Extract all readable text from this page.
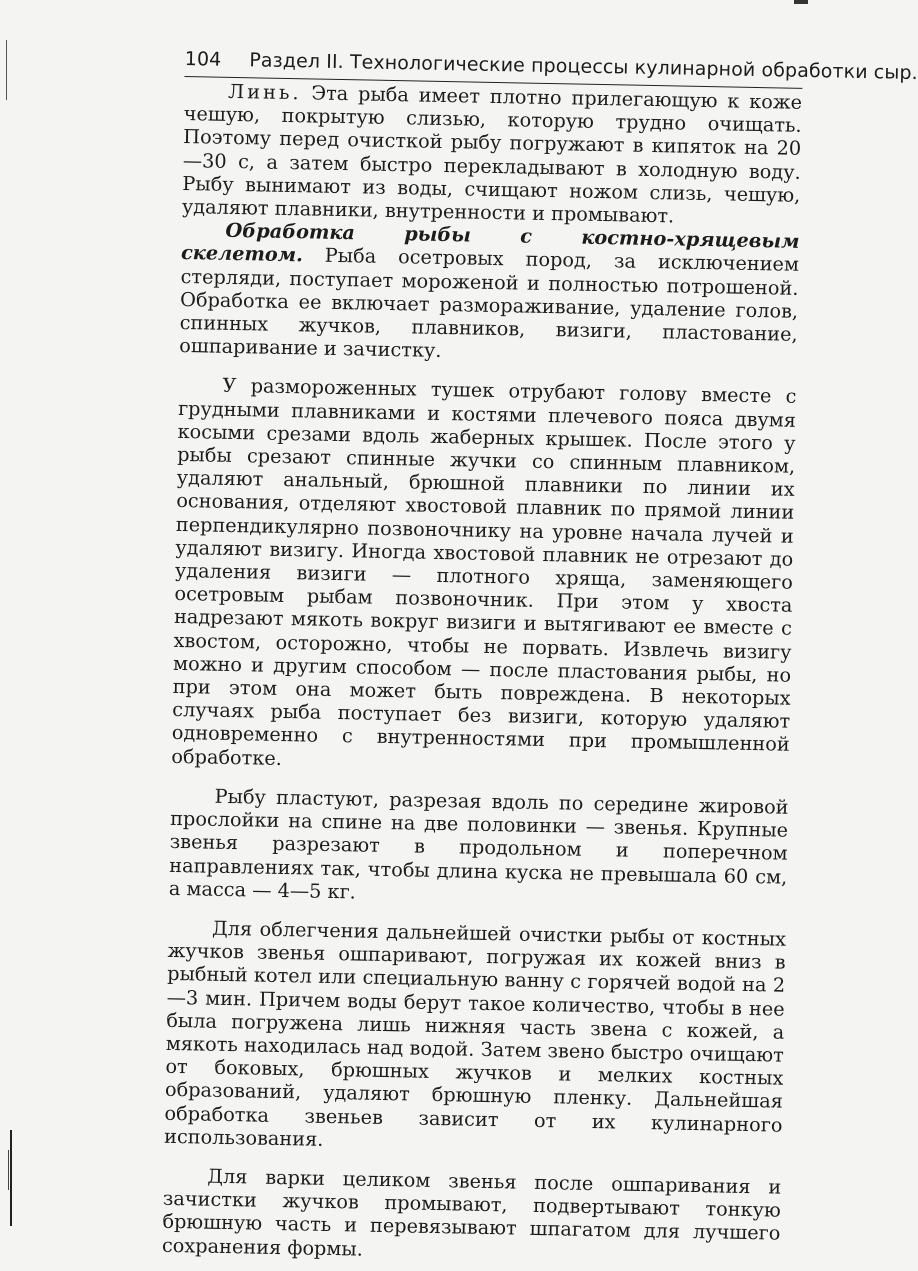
104 Раздел II. Технологические процессы кулинарной обработки сыр.

Линь. Эта рыба имеет плотно прилегающую к коже чешую, покрытую слизью, которую трудно очищать. Поэтому перед очисткой рыбу погружают в кипяток на 20—30 с, а затем быстро перекладывают в холодную воду. Рыбу вынимают из воды, счищают ножом слизь, чешую, удаляют плавники, внутренности и промывают.

Обработка рыбы с костно-хрящевым скелетом. Рыба осетровых пород, за исключением стерляди, поступает мороженой и полностью потрошеной. Обработка ее включает размораживание, удаление голов, спинных жучков, плавников, визиги, пластование, ошпаривание и зачистку.

У размороженных тушек отрубают голову вместе с грудными плавниками и костями плечевого пояса двумя косыми срезами вдоль жаберных крышек. После этого у рыбы срезают спинные жучки со спинным плавником, удаляют анальный, брюшной плавники по линии их основания, отделяют хвостовой плавник по прямой линии перпендикулярно позвоночнику на уровне начала лучей и удаляют визигу. Иногда хвостовой плавник не отрезают до удаления визиги — плотного хряща, заменяющего осетровым рыбам позвоночник. При этом у хвоста надрезают мякоть вокруг визиги и вытягивают ее вместе с хвостом, осторожно, чтобы не порвать. Извлечь визигу можно и другим способом — после пластования рыбы, но при этом она может быть повреждена. В некоторых случаях рыба поступает без визиги, которую удаляют одновременно с внутренностями при промышленной обработке.

Рыбу пластуют, разрезая вдоль по середине жировой прослойки на спине на две половинки — звенья. Крупные звенья разрезают в продольном и поперечном направлениях так, чтобы длина куска не превышала 60 см, а масса — 4—5 кг.

Для облегчения дальнейшей очистки рыбы от костных жучков звенья ошпаривают, погружая их кожей вниз в рыбный котел или специальную ванну с горячей водой на 2—3 мин. Причем воды берут такое количество, чтобы в нее была погружена лишь нижняя часть звена с кожей, а мякоть находилась над водой. Затем звено быстро очищают от боковых, брюшных жучков и мелких костных образований, удаляют брюшную пленку. Дальнейшая обработка звеньев зависит от их кулинарного использования.

Для варки целиком звенья после ошпаривания и зачистки жучков промывают, подвертывают тонкую брюшную часть и перевязывают шпагатом для лучшего сохранения формы.
